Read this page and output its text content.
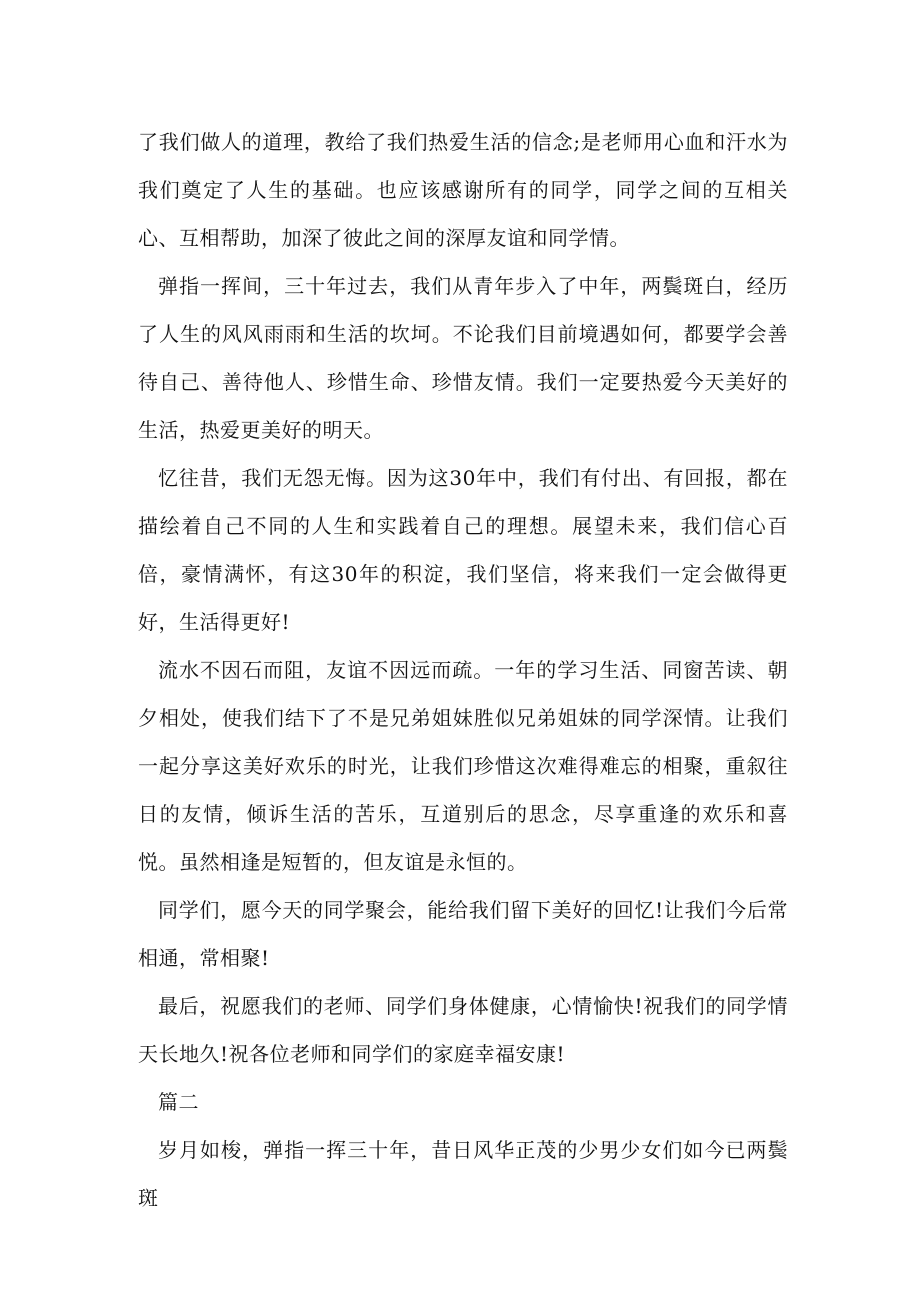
了我们做人的道理，教给了我们热爱生活的信念;是老师用心血和汗水为我们奠定了人生的基础。也应该感谢所有的同学，同学之间的互相关心、互相帮助，加深了彼此之间的深厚友谊和同学情。

弹指一挥间，三十年过去，我们从青年步入了中年，两鬓斑白，经历了人生的风风雨雨和生活的坎坷。不论我们目前境遇如何，都要学会善待自己、善待他人、珍惜生命、珍惜友情。我们一定要热爱今天美好的生活，热爱更美好的明天。

忆往昔，我们无怨无悔。因为这30年中，我们有付出、有回报，都在描绘着自己不同的人生和实践着自己的理想。展望未来，我们信心百倍，豪情满怀，有这30年的积淀，我们坚信，将来我们一定会做得更好，生活得更好!

流水不因石而阻，友谊不因远而疏。一年的学习生活、同窗苦读、朝夕相处，使我们结下了不是兄弟姐妹胜似兄弟姐妹的同学深情。让我们一起分享这美好欢乐的时光，让我们珍惜这次难得难忘的相聚，重叙往日的友情，倾诉生活的苦乐，互道别后的思念，尽享重逢的欢乐和喜悦。虽然相逢是短暂的，但友谊是永恒的。

同学们，愿今天的同学聚会，能给我们留下美好的回忆!让我们今后常相通，常相聚!

最后，祝愿我们的老师、同学们身体健康，心情愉快!祝我们的同学情天长地久!祝各位老师和同学们的家庭幸福安康!

篇二

岁月如梭，弹指一挥三十年，昔日风华正茂的少男少女们如今已两鬓斑
